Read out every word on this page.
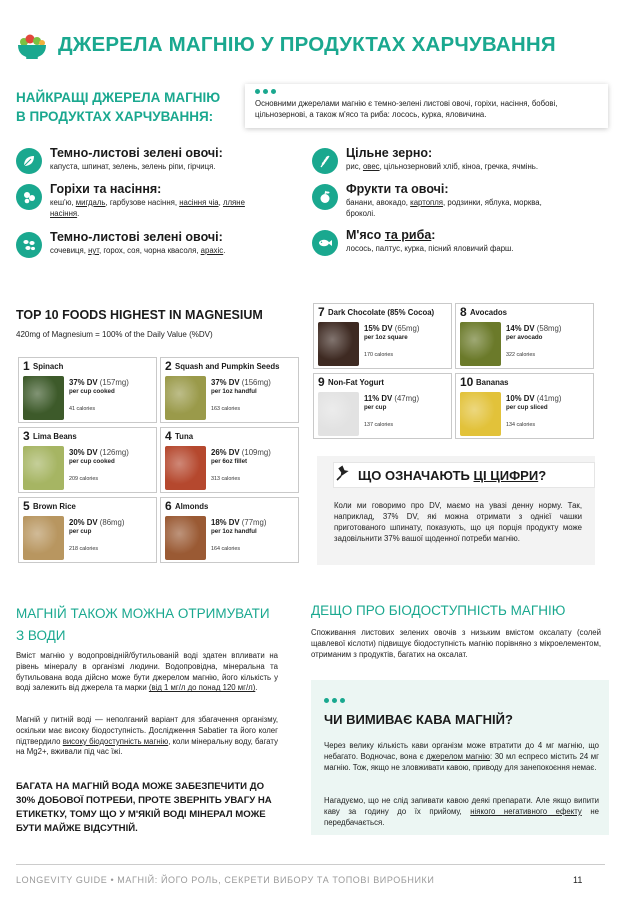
ДЖЕРЕЛА МАГНІЮ У ПРОДУКТАХ ХАРЧУВАННЯ
НАЙКРАЩІ ДЖЕРЕЛА МАГНІЮ
В ПРОДУКТАХ ХАРЧУВАННЯ:
Основними джерелами магнію є темно-зелені листові овочі, горіхи, насіння, бобові, цільнозернові, а також м'ясо та риба: лосось, курка, яловичина.
Темно-листові зелені овочі:

капуста, шпинат, зелень, зелень ріпи, гірчиця.

Горіхи та насіння:

кеш'ю, мигдаль, гарбузове насіння, насіння чіа, лляне насіння.

Темно-листові зелені овочі:

сочевиця, нут, горох, соя, чорна квасоля, арахіс.

Цільне зерно:

рис, овес, цільнозерновий хліб, кіноа, гречка, ячмінь.

Фрукти та овочі:

банани, авокадо, картопля, родзинки, яблука, морква, броколі.

М'ясо та риба:

лосось, палтус, курка, пісний яловичий фарш.

TOP 10 FOODS HIGHEST IN MAGNESIUM
420mg of Magnesium = 100% of the Daily Value (%DV)
1 Spinach
37% DV (157mg)
per cup cooked
41 calories
2 Squash and Pumpkin Seeds
37% DV (156mg)
per 1oz handful
163 calories
3 Lima Beans
30% DV (126mg)
per cup cooked
209 calories
4 Tuna
26% DV (109mg)
per 6oz fillet
313 calories
5 Brown Rice
20% DV (86mg)
per cup
218 calories
6 Almonds
18% DV (77mg)
per 1oz handful
164 calories
7 Dark Chocolate (85% Cocoa)
15% DV (65mg)
per 1oz square
170 calories
8 Avocados
14% DV (58mg)
per avocado
322 calories
9 Non-Fat Yogurt
11% DV (47mg)
per cup
137 calories
10 Bananas
10% DV (41mg)
per cup sliced
134 calories
ЩО ОЗНАЧАЮТЬ ЦІ ЦИФРИ?
Коли ми говоримо про DV, маємо на увазі денну норму. Так, наприклад, 37% DV, які можна отримати з однієї чашки приготованого шпинату, показують, що ця порція продукту може задовільнити 37% вашої щоденної потреби магнію.
МАГНІЙ ТАКОЖ МОЖНА ОТРИМУВАТИ
З ВОДИ
Вміст магнію у водопровідній/бутильованій воді здатен впливати на рівень мінералу в організмі людини. Водопровідна, мінеральна та бутильована вода дійсно може бути джерелом магнію, його кількість у воді залежить від джерела та марки (від 1 мг/л до понад 120 мг/л).
Магній у питній воді — неполганий варіант для збагачення організму, оскільки має високу біодоступність. Дослідження Sabatier та його колег підтвердило високу біодоступність магнію, коли мінеральну воду, багату на Mg2+, вживали під час їжі.
БАГАТА НА МАГНІЙ ВОДА МОЖЕ ЗАБЕЗПЕЧИТИ ДО 30% ДОБОВОЇ ПОТРЕБИ, ПРОТЕ ЗВЕРНІТЬ УВАГУ НА ЕТИКЕТКУ, ТОМУ ЩО У М'ЯКІЙ ВОДІ МІНЕРАЛ МОЖЕ БУТИ МАЙЖЕ ВІДСУТНІЙ.
ДЕЩО ПРО БІОДОСТУПНІСТЬ МАГНІЮ
Споживання листових зелених овочів з низьким вмістом оксалату (солей щавлевої кіслоти) підвищує біодоступність магнію порівняно з мікроелементом, отриманим з продуктів, багатих на оксалат.
ЧИ ВИМИВАЄ КАВА МАГНІЙ?
Через велику кількість кави організм може втратити до 4 мг магнію, що небагато. Водночас, вона є джерелом магнію: 30 мл еспресо містить 24 мг магнію. Тож, якщо не зловживати кавою, приводу для занепокоєння немає.
Нагадуємо, що не слід запивати кавою деякі препарати. Але якщо випити каву за годину до їх прийому, ніякого негативного ефекту не передбачається.
LONGEVITY GUIDE • МАГНІЙ: ЙОГО РОЛЬ, СЕКРЕТИ ВИБОРУ ТА ТОПОВІ ВИРОБНИКИ	11
